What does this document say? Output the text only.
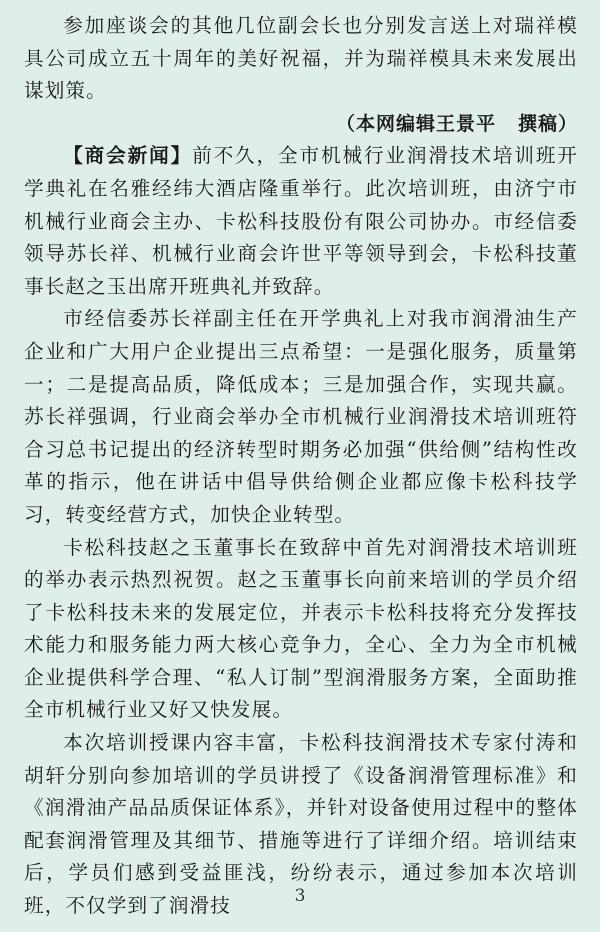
参加座谈会的其他几位副会长也分别发言送上对瑞祥模具公司成立五十周年的美好祝福，并为瑞祥模具未来发展出谋划策。

（本网编辑王景平 撰稿）

【商会新闻】前不久，全市机械行业润滑技术培训班开学典礼在名雅经纬大酒店隆重举行。此次培训班，由济宁市机械行业商会主办、卡松科技股份有限公司协办。市经信委领导苏长祥、机械行业商会许世平等领导到会，卡松科技董事长赵之玉出席开班典礼并致辞。

市经信委苏长祥副主任在开学典礼上对我市润滑油生产企业和广大用户企业提出三点希望：一是强化服务，质量第一；二是提高品质，降低成本；三是加强合作，实现共赢。苏长祥强调，行业商会举办全市机械行业润滑技术培训班符合习总书记提出的经济转型时期务必加强“供给侧”结构性改革的指示，他在讲话中倡导供给侧企业都应像卡松科技学习，转变经营方式，加快企业转型。

卡松科技赵之玉董事长在致辞中首先对润滑技术培训班的举办表示热烈祝贺。赵之玉董事长向前来培训的学员介绍了卡松科技未来的发展定位，并表示卡松科技将充分发挥技术能力和服务能力两大核心竞争力，全心、全力为全市机械企业提供科学合理、“私人订制”型润滑服务方案，全面助推全市机械行业又好又快发展。

本次培训授课内容丰富，卡松科技润滑技术专家付涛和胡轩分别向参加培训的学员讲授了《设备润滑管理标准》和《润滑油产品品质保证体系》，并针对设备使用过程中的整体配套润滑管理及其细节、措施等进行了详细介绍。培训结束后，学员们感到受益匪浅，纷纷表示，通过参加本次培训班，不仅学到了润滑技	3
